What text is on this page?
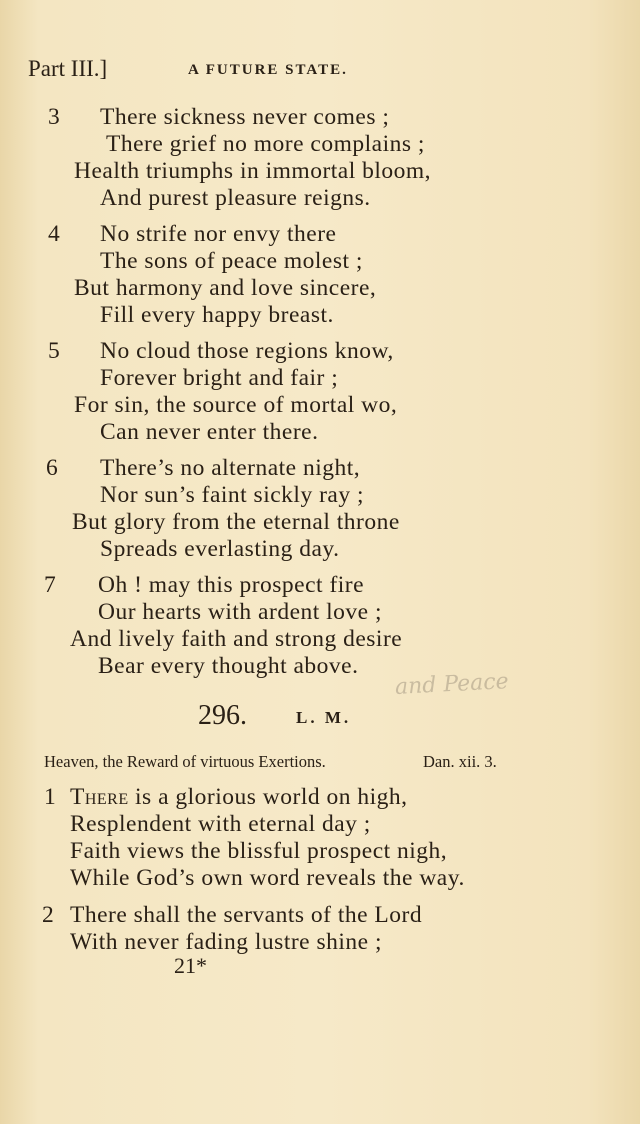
Part III.]	A FUTURE STATE.
3	There sickness never comes ;
There grief no more complains ;
Health triumphs in immortal bloom,
And purest pleasure reigns.
4	No strife nor envy there
The sons of peace molest ;
But harmony and love sincere,
Fill every happy breast.
5	No cloud those regions know,
Forever bright and fair ;
For sin, the source of mortal wo,
Can never enter there.
6	There’s no alternate night,
Nor sun’s faint sickly ray ;
But glory from the eternal throne
Spreads everlasting day.
7	Oh ! may this prospect fire
Our hearts with ardent love ;
And lively faith and strong desire
Bear every thought above.
and Peace
296.	L. M.
Heaven, the Reward of virtuous Exertions.	Dan. xii. 3.
1 There is a glorious world on high,
Resplendent with eternal day ;
Faith views the blissful prospect nigh,
While God’s own word reveals the way.
2 There shall the servants of the Lord
With never fading lustre shine ;
21*
